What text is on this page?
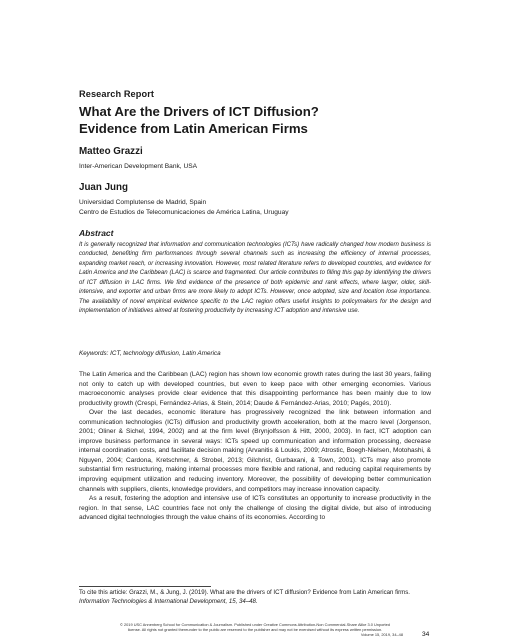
Research Report
What Are the Drivers of ICT Diffusion?
Evidence from Latin American Firms
Matteo Grazzi
Inter-American Development Bank, USA
Juan Jung
Universidad Complutense de Madrid, Spain
Centro de Estudios de Telecomunicaciones de América Latina, Uruguay
Abstract
It is generally recognized that information and communication technologies (ICTs) have radically changed how modern business is conducted, benefiting firm performances through several channels such as increasing the efficiency of internal processes, expanding market reach, or increasing innovation. However, most related literature refers to developed countries, and evidence for Latin America and the Caribbean (LAC) is scarce and fragmented. Our article contributes to filling this gap by identifying the drivers of ICT diffusion in LAC firms. We find evidence of the presence of both epidemic and rank effects, where larger, older, skill-intensive, and exporter and urban firms are more likely to adopt ICTs. However, once adopted, size and location lose importance. The availability of novel empirical evidence specific to the LAC region offers useful insights to policymakers for the design and implementation of initiatives aimed at fostering productivity by increasing ICT adoption and intensive use.
Keywords: ICT, technology diffusion, Latin America

The Latin America and the Caribbean (LAC) region has shown low economic growth rates during the last 30 years, failing not only to catch up with developed countries, but even to keep pace with other emerging economies. Various macroeconomic analyses provide clear evidence that this disappointing performance has been mainly due to low productivity growth (Crespi, Fernández-Arias, & Stein, 2014; Daude & Fernández-Arias, 2010; Pagés, 2010).

Over the last decades, economic literature has progressively recognized the link between information and communication technologies (ICTs) diffusion and productivity growth acceleration, both at the macro level (Jorgenson, 2001; Oliner & Sichel, 1994, 2002) and at the firm level (Brynjolfsson & Hitt, 2000, 2003). In fact, ICT adoption can improve business performance in several ways: ICTs speed up communication and information processing, decrease internal coordination costs, and facilitate decision making (Arvanitis & Loukis, 2009; Atrostic, Boegh-Nielsen, Motohashi, & Nguyen, 2004; Cardona, Kretschmer, & Strobel, 2013; Gilchrist, Gurbaxani, & Town, 2001). ICTs may also promote substantial firm restructuring, making internal processes more flexible and rational, and reducing capital requirements by improving equipment utilization and reducing inventory. Moreover, the possibility of developing better communication channels with suppliers, clients, knowledge providers, and competitors may increase innovation capacity.

As a result, fostering the adoption and intensive use of ICTs constitutes an opportunity to increase productivity in the region. In that sense, LAC countries face not only the challenge of closing the digital divide, but also of introducing advanced digital technologies through the value chains of its economies. According to

To cite this article: Grazzi, M., & Jung, J. (2019). What are the drivers of ICT diffusion? Evidence from Latin American firms.
Information Technologies & International Development, 15, 34–48.
© 2019 USC Annenberg School for Communication & Journalism. Published under Creative Commons Attribution-Non Commercial-Share Alike 3.0 Unported
license. All rights not granted thereunder to the public are reserved to the publisher and may not be exercised without its express written permission.
Volume 15, 2019, 34–48	34
